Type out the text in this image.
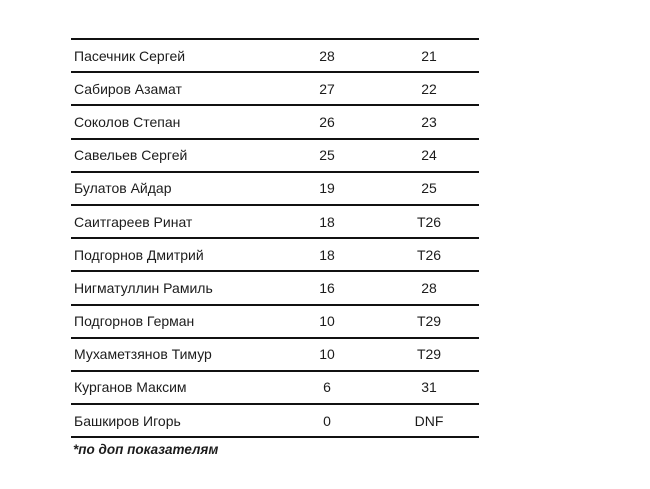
Пасечник Сергей	28	21
Сабиров Азамат	27	22
Соколов Степан	26	23
Савельев Сергей	25	24
Булатов Айдар	19	25
Саитгареев Ринат	18	T26
Подгорнов Дмитрий	18	T26
Нигматуллин Рамиль	16	28
Подгорнов Герман	10	T29
Мухаметзянов Тимур	10	T29
Курганов Максим	6	31
Башкиров Игорь	0	DNF
*по доп показателям
